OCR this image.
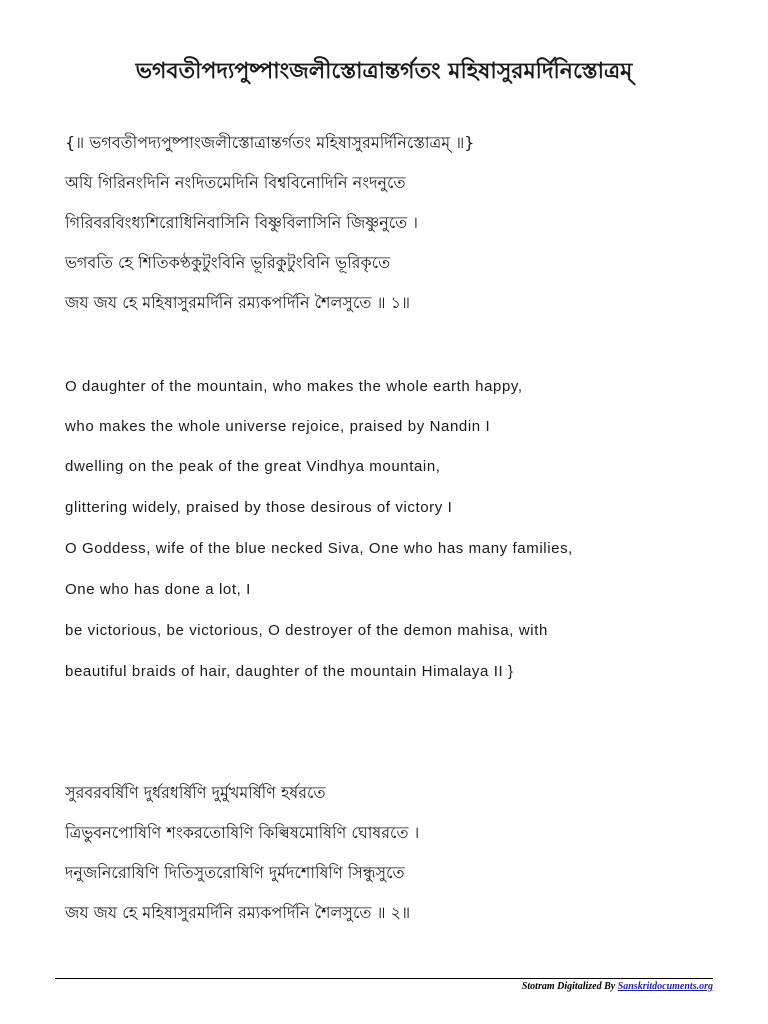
ভগবতীপদ্যপুষ্পাংজলীস্তোত্রান্তর্গতং মহিষাসুরমর্দিনিস্তোত্রম্
{॥ ভগবতীপদ্যপুষ্পাংজলীস্তোত্রান্তর্গতং মহিষাসুরমর্দিনিস্তোত্রম্ ॥}
অযি গিরিনংদিনি নংদিতমেদিনি বিশ্ববিনোদিনি নংদনুতে
গিরিবরবিংধ্যশিরোধিনিবাসিনি বিষ্ণুবিলাসিনি জিষ্ণুনুতে ।
ভগবতি হে শিতিকণ্ঠকুটুংবিনি ভূরিকুটুংবিনি ভূরিকৃতে
জয জয হে মহিষাসুরমর্দিনি রম্যকপর্দিনি শৈলসুতে ॥ ১॥
O daughter of the mountain, who makes the whole earth happy,
who makes the whole universe rejoice, praised by Nandin I
dwelling on the peak of the great Vindhya mountain,
glittering widely, praised by those desirous of victory I
O Goddess, wife of the blue necked Siva, One who has many families,
One who has done a lot, I
be victorious, be victorious, O destroyer of the demon mahisa, with
beautiful braids of hair, daughter of the mountain Himalaya II }
সুরবরবর্ষিণি দুর্ধরধর্ষিণি দুর্মুখমর্ষিণি হর্ষরতে
ত্রিভুবনপোষিণি শংকরতোষিণি কিল্বিষমোষিণি ঘোষরতে ।
দনুজনিরোষিণি দিতিসুতরোষিণি দুর্মদশোষিণি সিন্ধুসুতে
জয জয হে মহিষাসুরমর্দিনি রম্যকপর্দিনি শৈলসুতে ॥ ২॥
Stotram Digitalized By Sanskritdocuments.org
